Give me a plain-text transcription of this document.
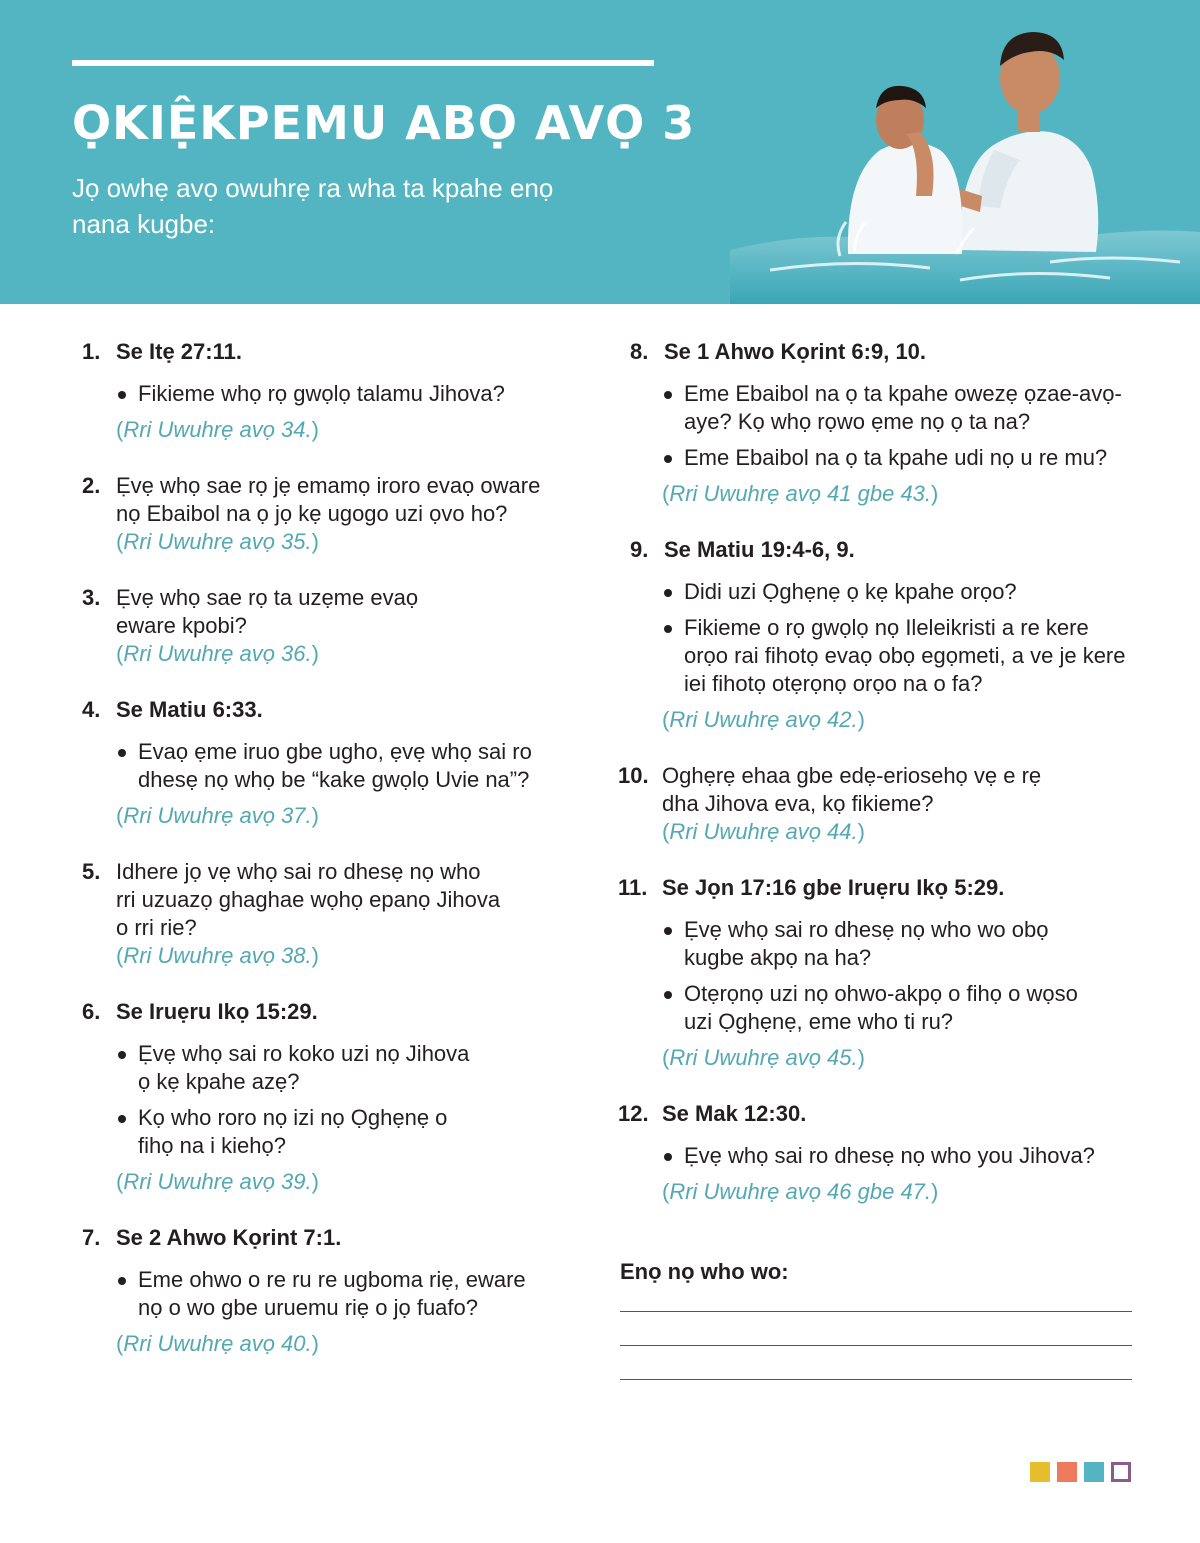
ỌKIỆKPEMU ABỌ AVỌ 3

Jọ owhẹ avọ owuhrẹ ra wha ta kpahe enọ nana kugbe:

1. Se Itẹ 27:11.
Fikieme whọ rọ gwọlọ talamu Jihova?
(Rri Uwuhrẹ avọ 34.)
2. Ẹvẹ whọ sae rọ jẹ emamọ iroro evaọ oware nọ Ebaibol na ọ jọ kẹ ugogo uzi ọvo ho?
(Rri Uwuhrẹ avọ 35.)
3. Ẹvẹ whọ sae rọ ta uzẹme evaọ eware kpobi?
(Rri Uwuhrẹ avọ 36.)
4. Se Matiu 6:33.
Evaọ ẹme iruo gbe ugho, ẹvẹ whọ sai ro dhesẹ nọ whọ be “kake gwọlọ Uvie na”?
(Rri Uwuhrẹ avọ 37.)
5. Idhere jọ vẹ whọ sai ro dhesẹ nọ who rri uzuazọ ghaghae wọhọ epanọ Jihova o rri rie?
(Rri Uwuhrẹ avọ 38.)
6. Se Iruẹru Ikọ 15:29.
Ẹvẹ whọ sai ro koko uzi nọ Jihova ọ kẹ kpahe azẹ?
Kọ who roro nọ izi nọ Ọghẹnẹ o fihọ na i kiehọ?
(Rri Uwuhrẹ avọ 39.)
7. Se 2 Ahwo Kọrint 7:1.
Eme ohwo o re ru re ugboma riẹ, eware nọ o wo gbe uruemu riẹ o jọ fuafo?
(Rri Uwuhrẹ avọ 40.)
8. Se 1 Ahwo Kọrint 6:9, 10.
Eme Ebaibol na ọ ta kpahe owezẹ ọzae-avọ-aye? Kọ whọ rọwo ẹme nọ ọ ta na?
Eme Ebaibol na ọ ta kpahe udi nọ u re mu?
(Rri Uwuhrẹ avọ 41 gbe 43.)
9. Se Matiu 19:4-6, 9.
Didi uzi Ọghẹnẹ ọ kẹ kpahe orọo?
Fikieme o rọ gwọlọ nọ Ileleikristi a re kere orọo rai fihotọ evaọ obọ egọmeti, a ve je kere iei fihotọ otẹrọnọ orọo na o fa?
(Rri Uwuhrẹ avọ 42.)
10. Oghẹrẹ ehaa gbe edẹ-eriosehọ vẹ e rẹ dha Jihova eva, kọ fikieme?
(Rri Uwuhrẹ avọ 44.)
11. Se Jọn 17:16 gbe Iruẹru Ikọ 5:29.
Ẹvẹ whọ sai ro dhesẹ nọ who wo obọ kugbe akpọ na ha?
Otẹrọnọ uzi nọ ohwo-akpọ o fihọ o wọso uzi Ọghẹnẹ, eme who ti ru?
(Rri Uwuhrẹ avọ 45.)
12. Se Mak 12:30.
Ẹvẹ whọ sai ro dhesẹ nọ who you Jihova?
(Rri Uwuhrẹ avọ 46 gbe 47.)
Enọ nọ who wo:
